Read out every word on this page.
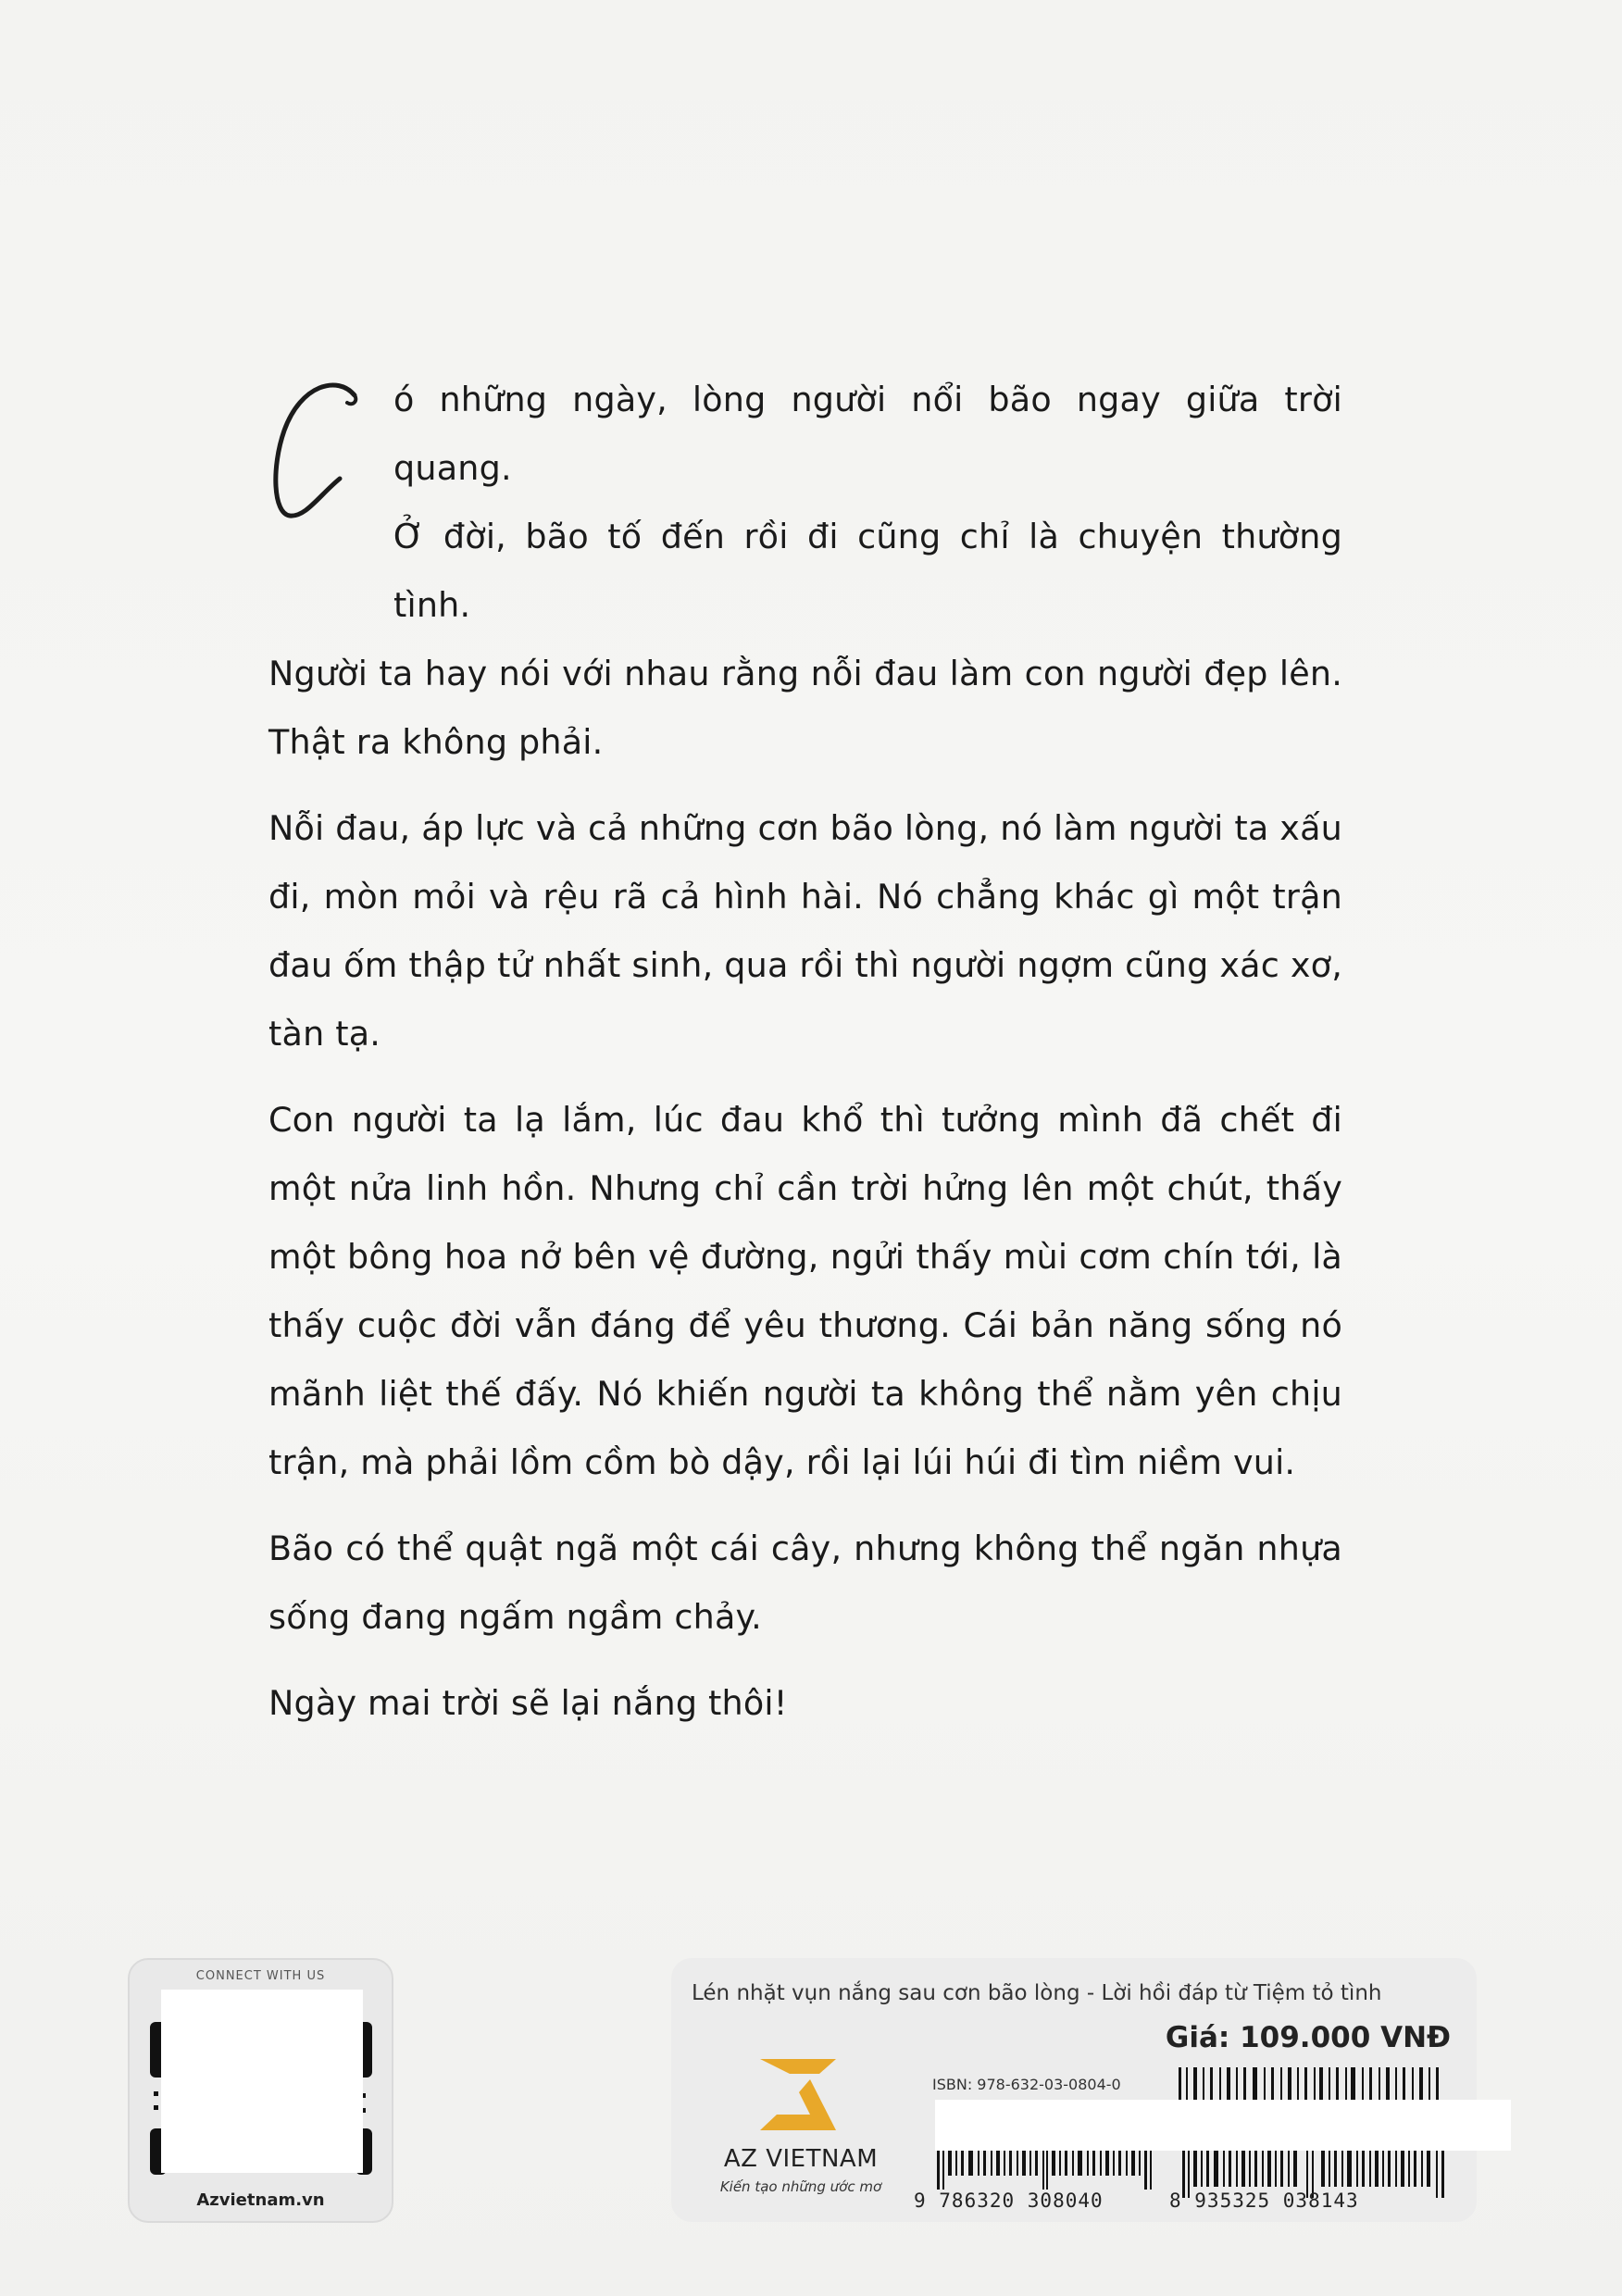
ó những ngày, lòng người nổi bão ngay giữa trời quang.
Ở đời, bão tố đến rồi đi cũng chỉ là chuyện thường tình.
Người ta hay nói với nhau rằng nỗi đau làm con người đẹp lên. Thật ra không phải.

Nỗi đau, áp lực và cả những cơn bão lòng, nó làm người ta xấu đi, mòn mỏi và rệu rã cả hình hài. Nó chẳng khác gì một trận đau ốm thập tử nhất sinh, qua rồi thì người ngợm cũng xác xơ, tàn tạ.

Con người ta lạ lắm, lúc đau khổ thì tưởng mình đã chết đi một nửa linh hồn. Nhưng chỉ cần trời hửng lên một chút, thấy một bông hoa nở bên vệ đường, ngửi thấy mùi cơm chín tới, là thấy cuộc đời vẫn đáng để yêu thương. Cái bản năng sống nó mãnh liệt thế đấy. Nó khiến người ta không thể nằm yên chịu trận, mà phải lồm cồm bò dậy, rồi lại lúi húi đi tìm niềm vui.

Bão có thể quật ngã một cái cây, nhưng không thể ngăn nhựa sống đang ngấm ngầm chảy.

Ngày mai trời sẽ lại nắng thôi!

CONNECT WITH US
Azvietnam.vn
Lén nhặt vụn nắng sau cơn bão lòng - Lời hồi đáp từ Tiệm tỏ tình
Giá: 109.000 VNĐ
AZ VIETNAM
Kiến tạo những ước mơ
ISBN: 978-632-03-0804-0
9 786320 308040	8 935325 038143
